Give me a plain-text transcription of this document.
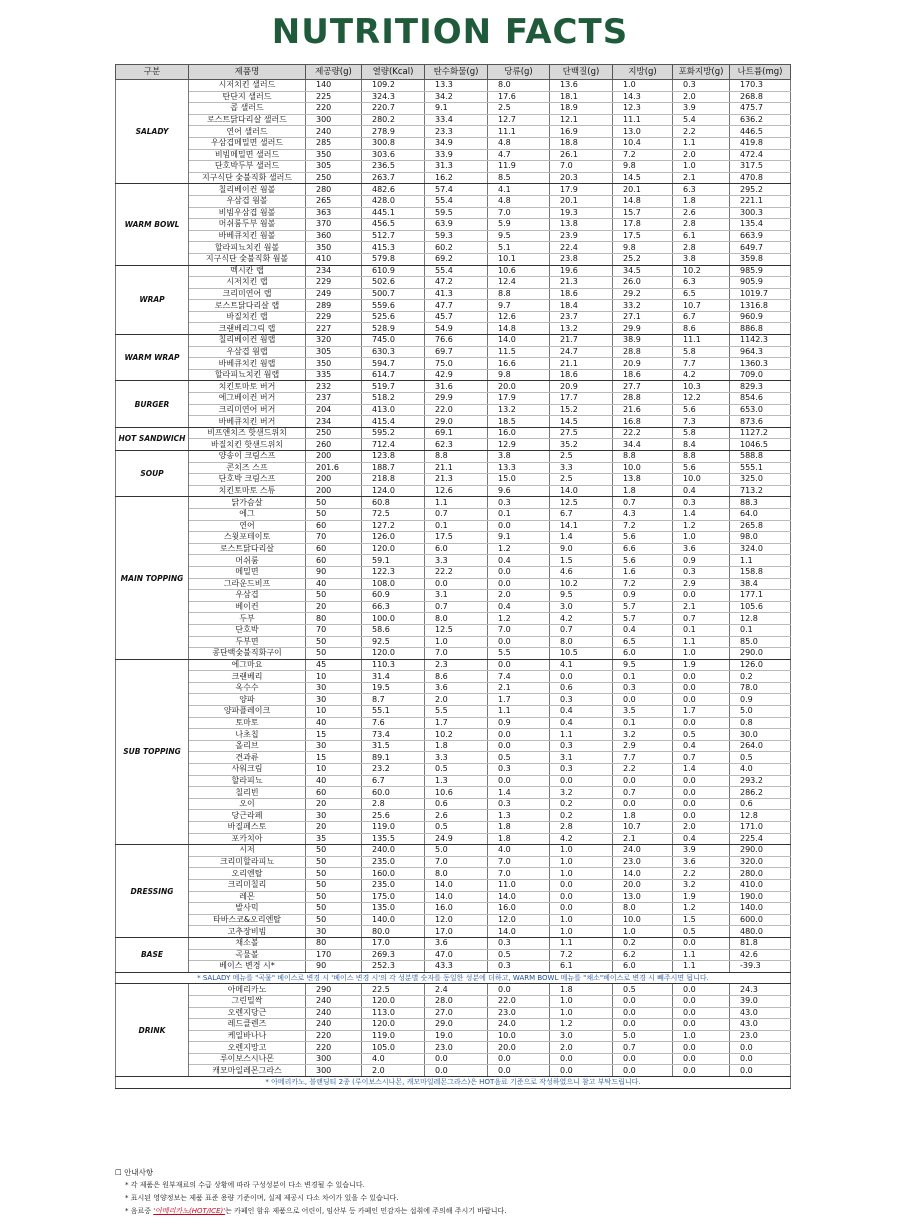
NUTRITION FACTS
구분	제품명	제공량(g)	열량(Kcal)	탄수화물(g)	당류(g)	단백질(g)	지방(g)	포화지방(g)	나트륨(mg)
SALADY	시저치킨 샐러드	140	109.2	13.3	8.0	13.6	1.0	0.3	170.3
	탄단지 샐러드	225	324.3	34.2	17.6	18.1	14.3	2.0	268.8
	콥 샐러드	220	220.7	9.1	2.5	18.9	12.3	3.9	475.7
	로스트닭다리살 샐러드	300	280.2	33.4	12.7	12.1	11.1	5.4	636.2
	연어 샐러드	240	278.9	23.3	11.1	16.9	13.0	2.2	446.5
	우삼겹메밀면 샐러드	285	300.8	34.9	4.8	18.8	10.4	1.1	419.8
	비빔메밀면 샐러드	350	303.6	33.9	4.7	26.1	7.2	2.0	472.4
	단호박두부 샐러드	305	236.5	31.3	11.9	7.0	9.8	1.0	317.5
	지구식단 숯불직화 샐러드	250	263.7	16.2	8.5	20.3	14.5	2.1	470.8
WARM BOWL	칠리베이컨 웜볼	280	482.6	57.4	4.1	17.9	20.1	6.3	295.2
	우삼겹 웜볼	265	428.0	55.4	4.8	20.1	14.8	1.8	221.1
	비빔우삼겹 웜볼	363	445.1	59.5	7.0	19.3	15.7	2.6	300.3
	머쉬룸두부 웜볼	370	456.5	63.9	5.9	13.8	17.8	2.8	135.4
	바베큐치킨 웜볼	360	512.7	59.3	9.5	23.9	17.5	6.1	663.9
	할라피뇨치킨 웜볼	350	415.3	60.2	5.1	22.4	9.8	2.8	649.7
	지구식단 숯불직화 웜볼	410	579.8	69.2	10.1	23.8	25.2	3.8	359.8
WRAP	멕시칸 랩	234	610.9	55.4	10.6	19.6	34.5	10.2	985.9
	시저치킨 랩	229	502.6	47.2	12.4	21.3	26.0	6.3	905.9
	크리미연어 랩	249	500.7	41.3	8.8	18.6	29.2	6.5	1019.7
	로스트닭다리살 랩	289	559.6	47.7	9.7	18.4	33.2	10.7	1316.8
	바질치킨 랩	229	525.6	45.7	12.6	23.7	27.1	6.7	960.9
	크랜베리그릭 랩	227	528.9	54.9	14.8	13.2	29.9	8.6	886.8
WARM WRAP	칠리베이컨 웜랩	320	745.0	76.6	14.0	21.7	38.9	11.1	1142.3
	우삼겹 웜랩	305	630.3	69.7	11.5	24.7	28.8	5.8	964.3
	바베큐치킨 웜랩	350	594.7	75.0	16.6	21.1	20.9	7.7	1360.3
	할라피뇨치킨 웜랩	335	614.7	42.9	9.8	18.6	18.6	4.2	709.0
BURGER	치킨토마토 버거	232	519.7	31.6	20.0	20.9	27.7	10.3	829.3
	에그베이컨 버거	237	518.2	29.9	17.9	17.7	28.8	12.2	854.6
	크리미연어 버거	204	413.0	22.0	13.2	15.2	21.6	5.6	653.0
	바베큐치킨 버거	234	415.4	29.0	18.5	14.5	16.8	7.3	873.6
HOT SANDWICH	비프앤치즈 핫샌드위치	250	595.2	69.1	16.0	27.5	22.2	5.8	1127.2
	바질치킨 핫샌드위치	260	712.4	62.3	12.9	35.2	34.4	8.4	1046.5
SOUP	양송이 크림스프	200	123.8	8.8	3.8	2.5	8.8	8.8	588.8
	콘치즈 스프	201.6	188.7	21.1	13.3	3.3	10.0	5.6	555.1
	단호박 크림스프	200	218.8	21.3	15.0	2.5	13.8	10.0	325.0
	치킨토마토 스튜	200	124.0	12.6	9.6	14.0	1.8	0.4	713.2
MAIN TOPPING	닭가슴살	50	60.8	1.1	0.3	12.5	0.7	0.3	88.3
	에그	50	72.5	0.7	0.1	6.7	4.3	1.4	64.0
	연어	60	127.2	0.1	0.0	14.1	7.2	1.2	265.8
	스윗포테이토	70	126.0	17.5	9.1	1.4	5.6	1.0	98.0
	로스트닭다리살	60	120.0	6.0	1.2	9.0	6.6	3.6	324.0
	머쉬룸	60	59.1	3.3	0.4	1.5	5.6	0.9	1.1
	메밀면	90	122.3	22.2	0.0	4.6	1.6	0.3	158.8
	그라운드비프	40	108.0	0.0	0.0	10.2	7.2	2.9	38.4
	우삼겹	50	60.9	3.1	2.0	9.5	0.9	0.0	177.1
	베이컨	20	66.3	0.7	0.4	3.0	5.7	2.1	105.6
	두부	80	100.0	8.0	1.2	4.2	5.7	0.7	12.8
	단호박	70	58.6	12.5	7.0	0.7	0.4	0.1	0.1
	두부면	50	92.5	1.0	0.0	8.0	6.5	1.1	85.0
	콩단백숯불직화구이	50	120.0	7.0	5.5	10.5	6.0	1.0	290.0
SUB TOPPING	에그마요	45	110.3	2.3	0.0	4.1	9.5	1.9	126.0
	크랜베리	10	31.4	8.6	7.4	0.0	0.1	0.0	0.2
	옥수수	30	19.5	3.6	2.1	0.6	0.3	0.0	78.0
	양파	30	8.7	2.0	1.7	0.3	0.0	0.0	0.9
	양파플레이크	10	55.1	5.5	1.1	0.4	3.5	1.7	5.0
	토마토	40	7.6	1.7	0.9	0.4	0.1	0.0	0.8
	나초칩	15	73.4	10.2	0.0	1.1	3.2	0.5	30.0
	올리브	30	31.5	1.8	0.0	0.3	2.9	0.4	264.0
	견과류	15	89.1	3.3	0.5	3.1	7.7	0.7	0.5
	사워크림	10	23.2	0.5	0.3	0.3	2.2	1.4	4.0
	할라피뇨	40	6.7	1.3	0.0	0.0	0.0	0.0	293.2
	칠리빈	60	60.0	10.6	1.4	3.2	0.7	0.0	286.2
	오이	20	2.8	0.6	0.3	0.2	0.0	0.0	0.6
	당근라페	30	25.6	2.6	1.3	0.2	1.8	0.0	12.8
	바질페스토	20	119.0	0.5	1.8	2.8	10.7	2.0	171.0
	포카치아	35	135.5	24.9	1.8	4.2	2.1	0.4	225.4
DRESSING	시저	50	240.0	5.0	4.0	1.0	24.0	3.9	290.0
	크리미할라피뇨	50	235.0	7.0	7.0	1.0	23.0	3.6	320.0
	오리엔탈	50	160.0	8.0	7.0	1.0	14.0	2.2	280.0
	크리미칠리	50	235.0	14.0	11.0	0.0	20.0	3.2	410.0
	레몬	50	175.0	14.0	14.0	0.0	13.0	1.9	190.0
	발사믹	50	135.0	16.0	16.0	0.0	8.0	1.2	140.0
	타바스코&오리엔탈	50	140.0	12.0	12.0	1.0	10.0	1.5	600.0
	고추장비빔	30	80.0	17.0	14.0	1.0	1.0	0.5	480.0
BASE	채소볼	80	17.0	3.6	0.3	1.1	0.2	0.0	81.8
	곡물볼	170	269.3	47.0	0.5	7.2	6.2	1.1	42.6
	베이스 변경 시*	90	252.3	43.3	0.3	6.1	6.0	1.1	-39.3
* SALADY 메뉴를 "곡물" 베이스로 변경 시 '베이스 변경 시'의 각 성분별 숫자를 동일한 성분에 더하고, WARM BOWL 메뉴를 "채소"베이스로 변경 시 빼주시면 됩니다.									
DRINK	아메리카노	290	22.5	2.4	0.0	1.8	0.5	0.0	24.3
	그린밀싹	240	120.0	28.0	22.0	1.0	0.0	0.0	39.0
	오렌지당근	240	113.0	27.0	23.0	1.0	0.0	0.0	43.0
	레드클렌즈	240	120.0	29.0	24.0	1.2	0.0	0.0	43.0
	케일바나나	220	119.0	19.0	10.0	3.0	5.0	1.0	23.0
	오렌지망고	220	105.0	23.0	20.0	2.0	0.7	0.0	0.0
	루이보스시나몬	300	4.0	0.0	0.0	0.0	0.0	0.0	0.0
	캐모마일레몬그라스	300	2.0	0.0	0.0	0.0	0.0	0.0	0.0
* 아메리카노, 블랜딩티 2종 (루이보스시나몬, 캐모마일레몬그라스)은 HOT음료 기준으로 작성하였으니 참고 부탁드립니다.									
☐ 안내사항
* 각 제품은 원부재료의 수급 상황에 따라 구성성분이 다소 변경될 수 있습니다.
* 표시된 영양정보는 제품 표준 용량 기준이며, 실제 제공시 다소 차이가 있을 수 있습니다.
* 음료중 '아메리카노(HOT/ICE)'는 카페인 함유 제품으로 어린이, 임산부 등 카페인 민감자는 섭취에 주의해 주시기 바랍니다.
